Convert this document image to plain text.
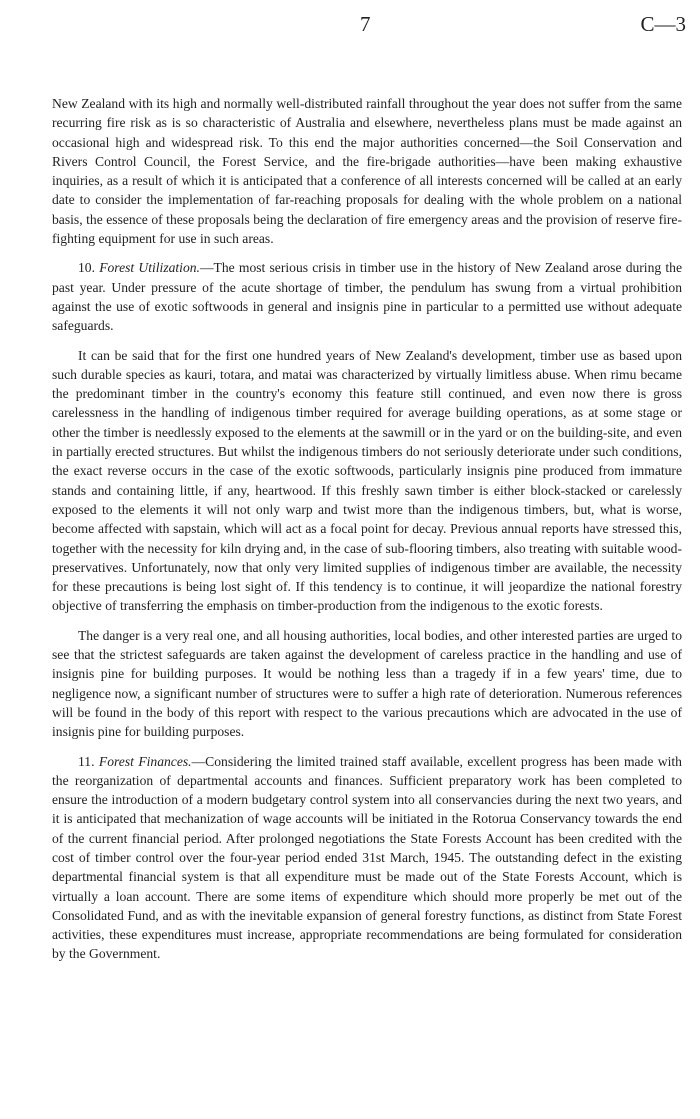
7	C—3

New Zealand with its high and normally well-distributed rainfall throughout the year does not suffer from the same recurring fire risk as is so characteristic of Australia and elsewhere, nevertheless plans must be made against an occasional high and widespread risk. To this end the major authorities concerned—the Soil Conservation and Rivers Control Council, the Forest Service, and the fire-brigade authorities—have been making exhaustive inquiries, as a result of which it is anticipated that a conference of all interests concerned will be called at an early date to consider the implementation of far-reaching proposals for dealing with the whole problem on a national basis, the essence of these proposals being the declaration of fire emergency areas and the provision of reserve fire-fighting equipment for use in such areas.

10. Forest Utilization.—The most serious crisis in timber use in the history of New Zealand arose during the past year. Under pressure of the acute shortage of timber, the pendulum has swung from a virtual prohibition against the use of exotic softwoods in general and insignis pine in particular to a permitted use without adequate safeguards.

It can be said that for the first one hundred years of New Zealand's development, timber use as based upon such durable species as kauri, totara, and matai was characterized by virtually limitless abuse. When rimu became the predominant timber in the country's economy this feature still continued, and even now there is gross carelessness in the handling of indigenous timber required for average building operations, as at some stage or other the timber is needlessly exposed to the elements at the sawmill or in the yard or on the building-site, and even in partially erected structures. But whilst the indigenous timbers do not seriously deteriorate under such conditions, the exact reverse occurs in the case of the exotic softwoods, particularly insignis pine produced from immature stands and containing little, if any, heartwood. If this freshly sawn timber is either block-stacked or carelessly exposed to the elements it will not only warp and twist more than the indigenous timbers, but, what is worse, become affected with sapstain, which will act as a focal point for decay. Previous annual reports have stressed this, together with the necessity for kiln drying and, in the case of sub-flooring timbers, also treating with suitable wood-preservatives. Unfortunately, now that only very limited supplies of indigenous timber are available, the necessity for these precautions is being lost sight of. If this tendency is to continue, it will jeopardize the national forestry objective of transferring the emphasis on timber-production from the indigenous to the exotic forests.

The danger is a very real one, and all housing authorities, local bodies, and other interested parties are urged to see that the strictest safeguards are taken against the development of careless practice in the handling and use of insignis pine for building purposes. It would be nothing less than a tragedy if in a few years' time, due to negligence now, a significant number of structures were to suffer a high rate of deterioration. Numerous references will be found in the body of this report with respect to the various precautions which are advocated in the use of insignis pine for building purposes.

11. Forest Finances.—Considering the limited trained staff available, excellent progress has been made with the reorganization of departmental accounts and finances. Sufficient preparatory work has been completed to ensure the introduction of a modern budgetary control system into all conservancies during the next two years, and it is anticipated that mechanization of wage accounts will be initiated in the Rotorua Conservancy towards the end of the current financial period. After prolonged negotiations the State Forests Account has been credited with the cost of timber control over the four-year period ended 31st March, 1945. The outstanding defect in the existing departmental financial system is that all expenditure must be made out of the State Forests Account, which is virtually a loan account. There are some items of expenditure which should more properly be met out of the Consolidated Fund, and as with the inevitable expansion of general forestry functions, as distinct from State Forest activities, these expenditures must increase, appropriate recommendations are being formulated for consideration by the Government.
